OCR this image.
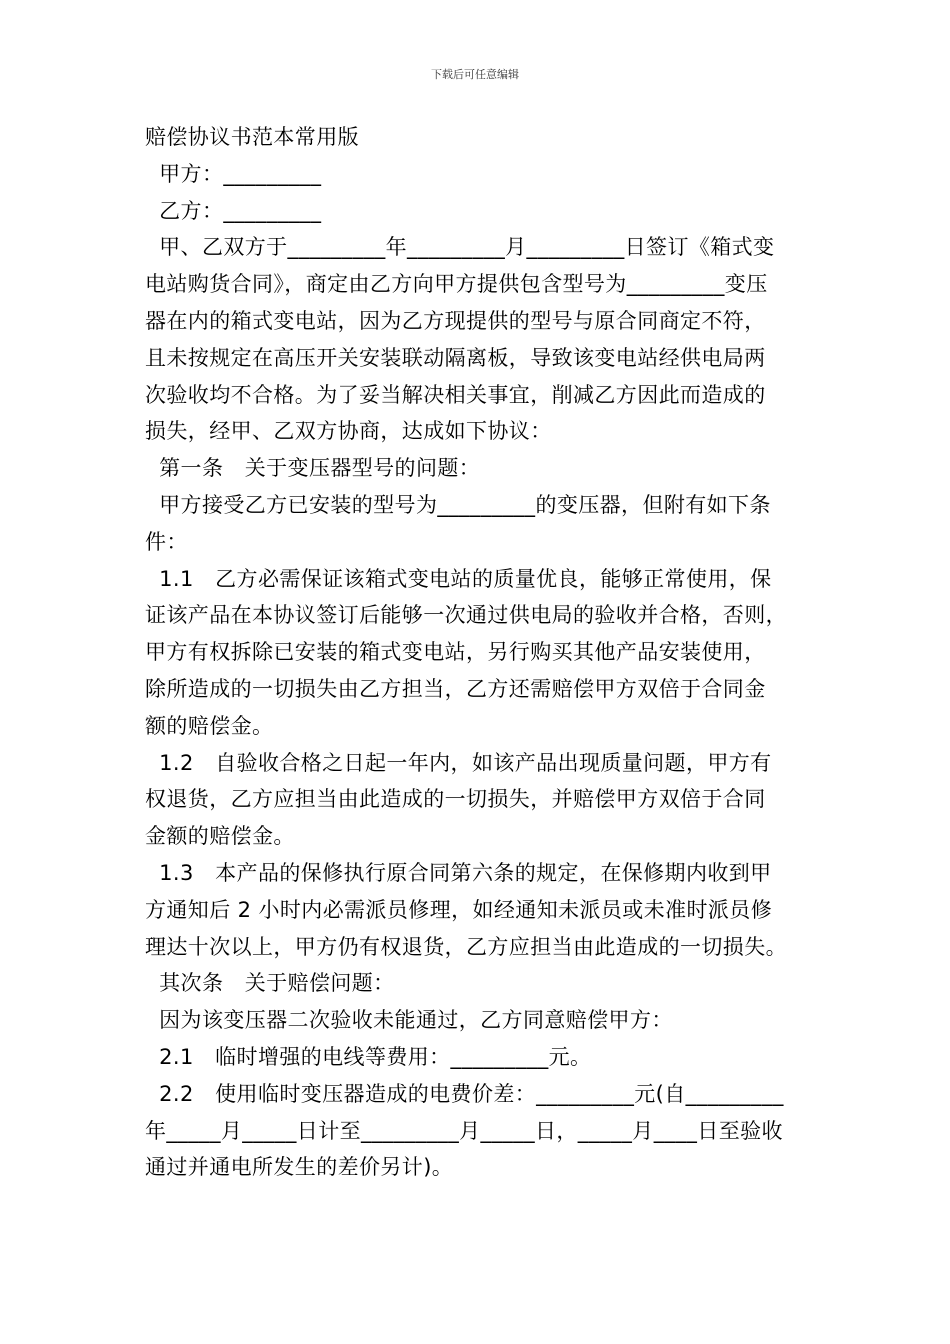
下载后可任意编辑
赔偿协议书范本常用版
甲方：_________
乙方：_________
甲、乙双方于_________年_________月_________日签订《箱式变
电站购货合同》，商定由乙方向甲方提供包含型号为_________变压
器在内的箱式变电站，因为乙方现提供的型号与原合同商定不符，
且未按规定在高压开关安装联动隔离板，导致该变电站经供电局两
次验收均不合格。为了妥当解决相关事宜，削减乙方因此而造成的
损失，经甲、乙双方协商，达成如下协议：
第一条　关于变压器型号的问题：
甲方接受乙方已安装的型号为_________的变压器，但附有如下条
件：
1.1　乙方必需保证该箱式变电站的质量优良，能够正常使用，保
证该产品在本协议签订后能够一次通过供电局的验收并合格，否则，
甲方有权拆除已安装的箱式变电站，另行购买其他产品安装使用，
除所造成的一切损失由乙方担当，乙方还需赔偿甲方双倍于合同金
额的赔偿金。
1.2　自验收合格之日起一年内，如该产品出现质量问题，甲方有
权退货，乙方应担当由此造成的一切损失，并赔偿甲方双倍于合同
金额的赔偿金。
1.3　本产品的保修执行原合同第六条的规定，在保修期内收到甲
方通知后 2 小时内必需派员修理，如经通知未派员或未准时派员修
理达十次以上，甲方仍有权退货，乙方应担当由此造成的一切损失。
其次条　关于赔偿问题：
因为该变压器二次验收未能通过，乙方同意赔偿甲方：
2.1　临时增强的电线等费用：_________元。
2.2　使用临时变压器造成的电费价差：_________元(自_________
年_____月_____日计至_________月_____日，_____月____日至验收
通过并通电所发生的差价另计)。
